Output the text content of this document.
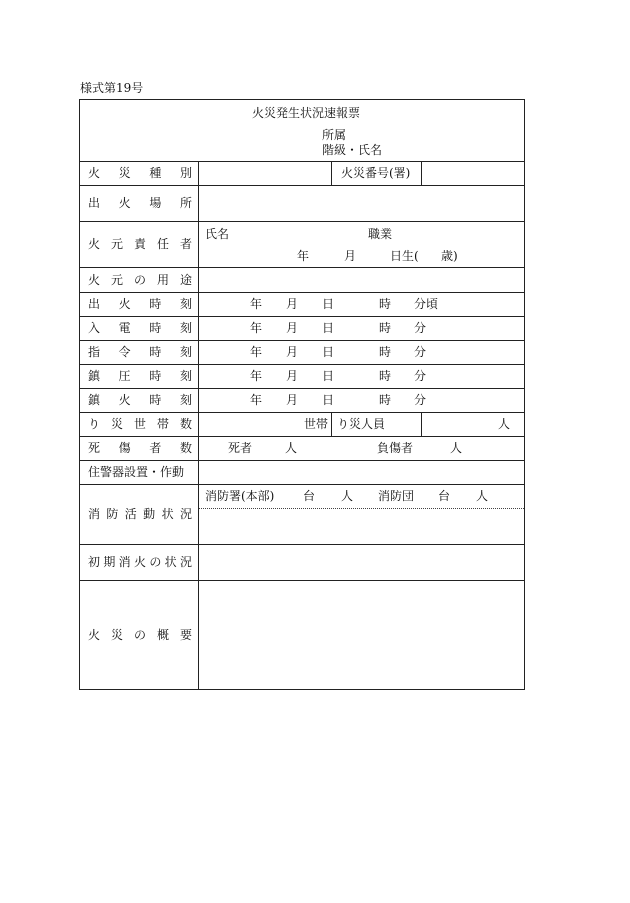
様式第19号
火災発生状況速報票
所属
階級・氏名
火 災 種 別	火災番号(署)
出 火 場 所
火 元 責 任 者
氏名	職業
年	月	日生( 歳)
火 元 の 用 途
出 火 時 刻	年 月 日	時 分頃
入 電 時 刻	年 月 日	時 分
指 令 時 刻	年 月 日	時 分
鎮 圧 時 刻	年 月 日	時 分
鎮 火 時 刻	年 月 日	時 分
り 災 世 帯 数	世帯 り災人員	人
死 傷 者 数	死者	人	負傷者	人
住警器設置・作動
消 防 活 動 状 況
消防署(本部) 台 人 消防団 台 人
初 期 消 火 の 状 況
火 災 の 概 要
